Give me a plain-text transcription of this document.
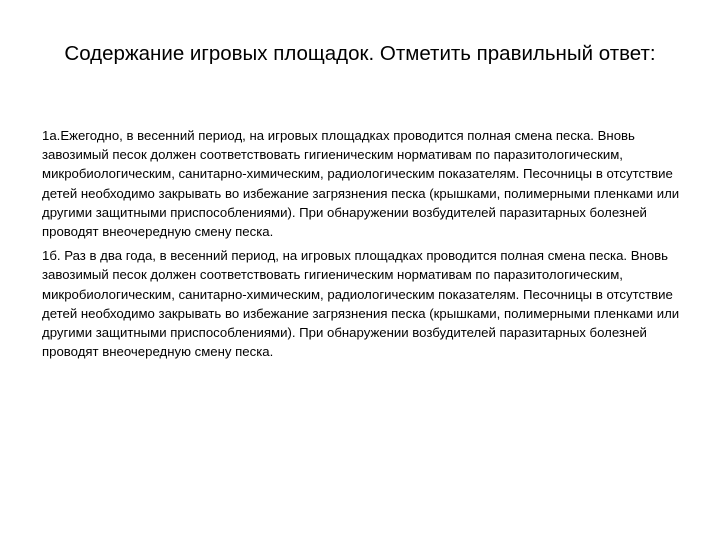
Содержание игровых площадок. Отметить правильный ответ:
1а.Ежегодно, в весенний период, на игровых площадках проводится полная смена песка. Вновь завозимый песок должен соответствовать гигиеническим нормативам по паразитологическим, микробиологическим, санитарно-химическим, радиологическим показателям. Песочницы в отсутствие детей необходимо закрывать во избежание загрязнения песка (крышками, полимерными пленками или другими защитными приспособлениями). При обнаружении возбудителей паразитарных болезней проводят внеочередную смену песка.
1б. Раз в два года, в весенний период, на игровых площадках проводится полная смена песка. Вновь завозимый песок должен соответствовать гигиеническим нормативам по паразитологическим, микробиологическим, санитарно-химическим, радиологическим показателям. Песочницы в отсутствие детей необходимо закрывать во избежание загрязнения песка (крышками, полимерными пленками или другими защитными приспособлениями). При обнаружении возбудителей паразитарных болезней проводят внеочередную смену песка.
